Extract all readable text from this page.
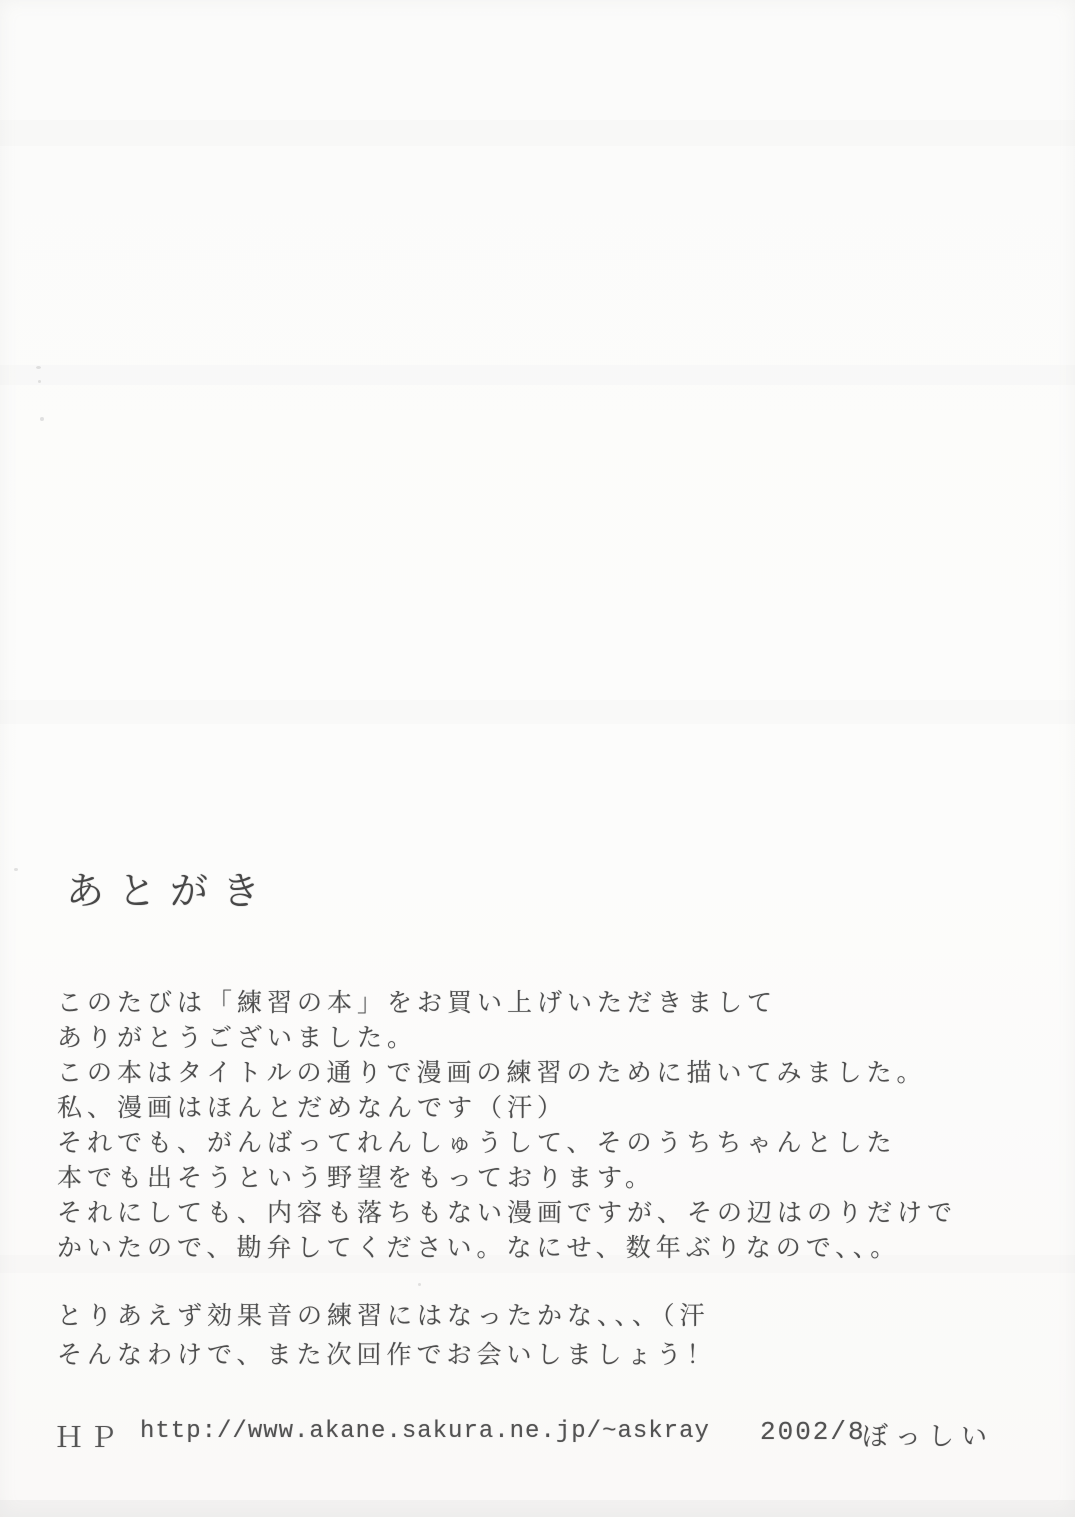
あとがき
このたびは「練習の本」をお買い上げいただきまして
ありがとうございました。
この本はタイトルの通りで漫画の練習のために描いてみました。
私、漫画はほんとだめなんです（汗）
それでも、がんばってれんしゅうして、そのうちちゃんとした
本でも出そうという野望をもっております。
それにしても、内容も落ちもない漫画ですが、その辺はのりだけで
かいたので、勘弁してください。なにせ、数年ぶりなので、、。
とりあえず効果音の練習にはなったかな、、、（汗
そんなわけで、また次回作でお会いしましょう！
ＨＰ http://www.akane.sakura.ne.jp/~askray 2002/8
ぼっしい
